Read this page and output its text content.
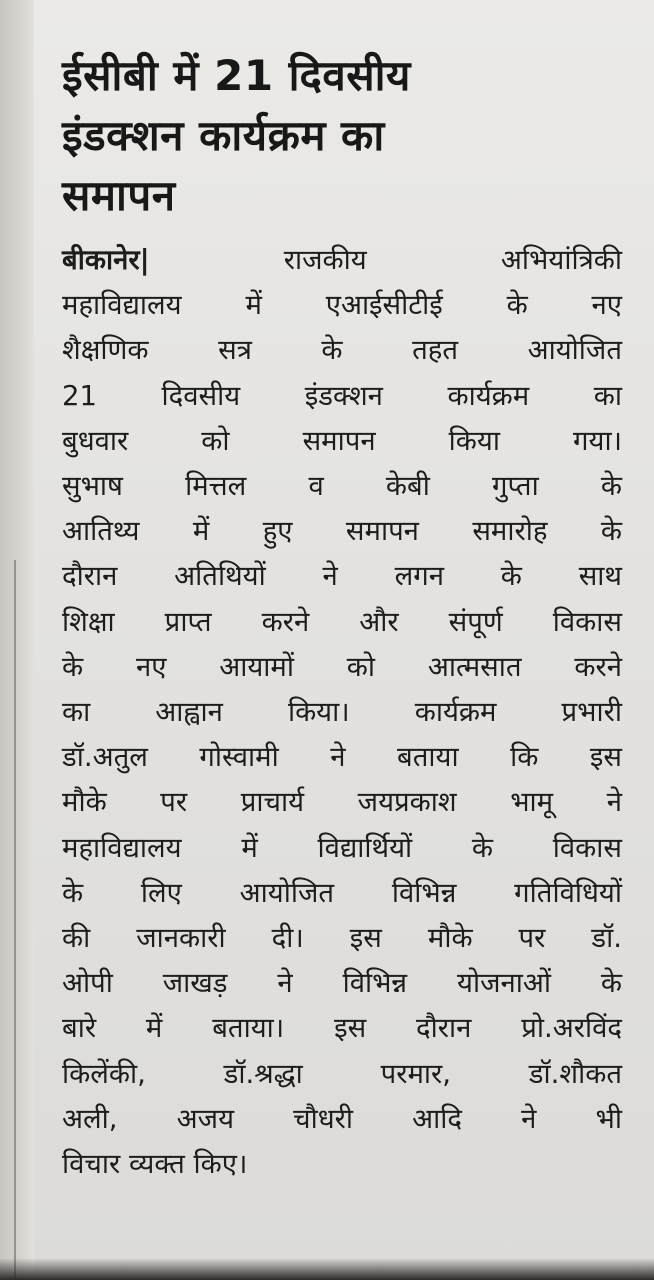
ईसीबी में 21 दिवसीय
इंडक्शन कार्यक्रम का
समापन
बीकानेर|	राजकीय अभियांत्रिकी
महाविद्यालय में एआईसीटीई के नए
शैक्षणिक सत्र के तहत आयोजित
21 दिवसीय इंडक्शन कार्यक्रम का
बुधवार को समापन किया गया।
सुभाष मित्तल व केबी गुप्ता के
आतिथ्य में हुए समापन समारोह के
दौरान अतिथियों ने लगन के साथ
शिक्षा प्राप्त करने और संपूर्ण विकास
के नए आयामों को आत्मसात करने
का आह्वान किया। कार्यक्रम प्रभारी
डॉ.अतुल गोस्वामी ने बताया कि इस
मौके पर प्राचार्य जयप्रकाश भामू ने
महाविद्यालय में विद्यार्थियों के विकास
के लिए आयोजित विभिन्न गतिविधियों
की जानकारी दी। इस मौके पर डॉ.
ओपी जाखड़ ने विभिन्न योजनाओं के
बारे में बताया। इस दौरान प्रो.अरविंद
किलेंकी, डॉ.श्रद्धा परमार, डॉ.शौकत
अली, अजय चौधरी आदि ने भी
विचार व्यक्त किए।
